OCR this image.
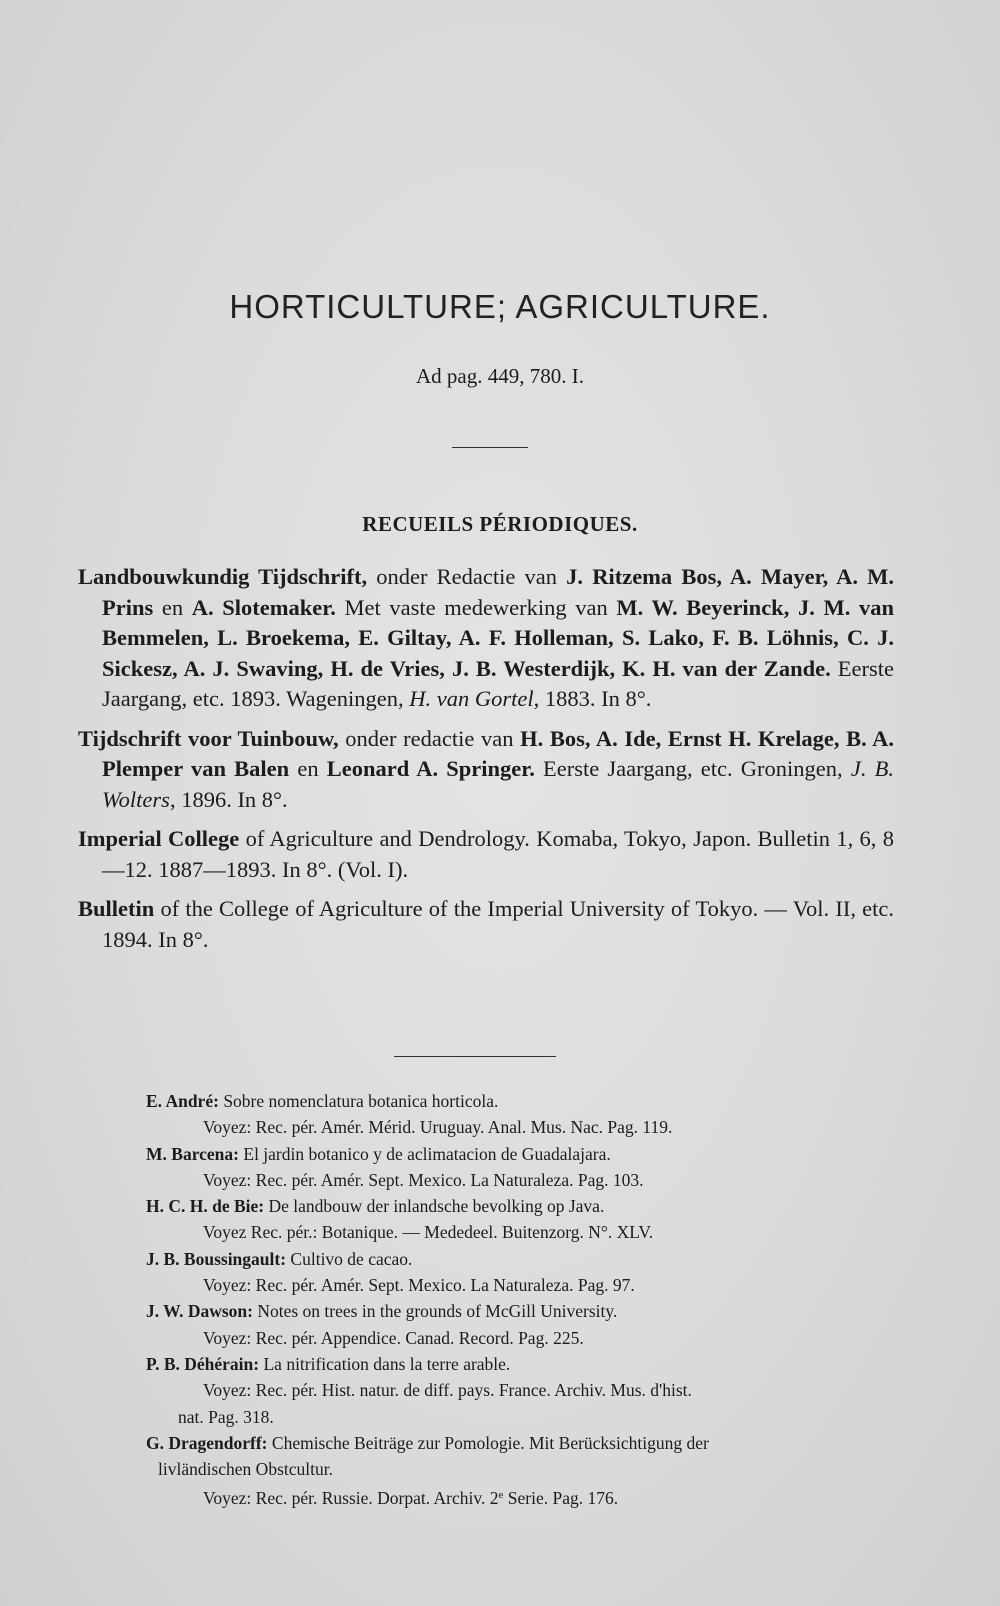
HORTICULTURE; AGRICULTURE.
Ad pag. 449, 780. I.
RECUEILS PÉRIODIQUES.

Landbouwkundig Tijdschrift, onder Redactie van J. Ritzema Bos, A. Mayer, A. M. Prins en A. Slotemaker. Met vaste medewerking van M. W. Beyerinck, J. M. van Bemmelen, L. Broekema, E. Giltay, A. F. Holleman, S. Lako, F. B. Löhnis, C. J. Sickesz, A. J. Swaving, H. de Vries, J. B. Westerdijk, K. H. van der Zande. Eerste Jaargang, etc. 1893. Wageningen, H. van Gortel, 1883. In 8°.

Tijdschrift voor Tuinbouw, onder redactie van H. Bos, A. Ide, Ernst H. Krelage, B. A. Plemper van Balen en Leonard A. Springer. Eerste Jaargang, etc. Groningen, J. B. Wolters, 1896. In 8°.

Imperial College of Agriculture and Dendrology. Komaba, Tokyo, Japon. Bulletin 1, 6, 8—12. 1887—1893. In 8°. (Vol. I).

Bulletin of the College of Agriculture of the Imperial University of Tokyo. — Vol. II, etc. 1894. In 8°.

E. André: Sobre nomenclatura botanica horticola.
Voyez: Rec. pér. Amér. Mérid. Uruguay. Anal. Mus. Nac. Pag. 119.
M. Barcena: El jardin botanico y de aclimatacion de Guadalajara.
Voyez: Rec. pér. Amér. Sept. Mexico. La Naturaleza. Pag. 103.
H. C. H. de Bie: De landbouw der inlandsche bevolking op Java.
Voyez Rec. pér.: Botanique. — Mededeel. Buitenzorg. N°. XLV.
J. B. Boussingault: Cultivo de cacao.
Voyez: Rec. pér. Amér. Sept. Mexico. La Naturaleza. Pag. 97.
J. W. Dawson: Notes on trees in the grounds of McGill University.
Voyez: Rec. pér. Appendice. Canad. Record. Pag. 225.
P. B. Déhérain: La nitrification dans la terre arable.
Voyez: Rec. pér. Hist. natur. de diff. pays. France. Archiv. Mus. d'hist.
nat. Pag. 318.
G. Dragendorff: Chemische Beiträge zur Pomologie. Mit Berücksichtigung der
livländischen Obstcultur.
Voyez: Rec. pér. Russie. Dorpat. Archiv. 2e Serie. Pag. 176.
